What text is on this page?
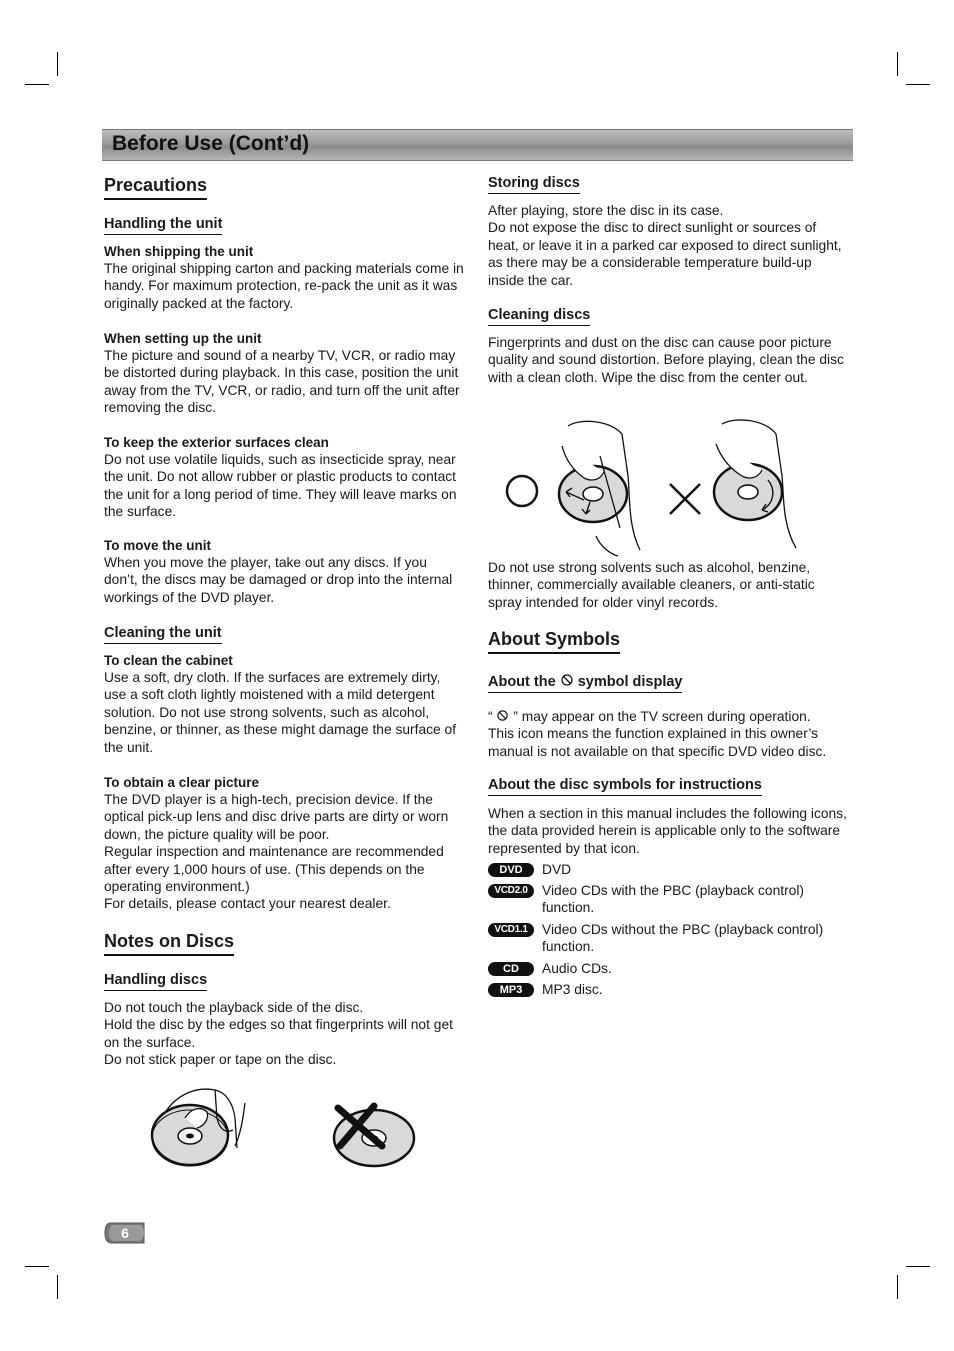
Before Use (Cont’d)
Precautions
Handling the unit
When shipping the unit

The original shipping carton and packing materials come in handy. For maximum protection, re-pack the unit as it was originally packed at the factory.

When setting up the unit

The picture and sound of a nearby TV, VCR, or radio may be distorted during playback. In this case, position the unit away from the TV, VCR, or radio, and turn off the unit after removing the disc.

To keep the exterior surfaces clean

Do not use volatile liquids, such as insecticide spray, near the unit. Do not allow rubber or plastic products to contact the unit for a long period of time. They will leave marks on the surface.

To move the unit

When you move the player, take out any discs. If you don’t, the discs may be damaged or drop into the internal workings of the DVD player.

Cleaning the unit
To clean the cabinet

Use a soft, dry cloth. If the surfaces are extremely dirty, use a soft cloth lightly moistened with a mild detergent solution. Do not use strong solvents, such as alcohol, benzine, or thinner, as these might damage the surface of the unit.

To obtain a clear picture

The DVD player is a high-tech, precision device. If the optical pick-up lens and disc drive parts are dirty or worn down, the picture quality will be poor.

Regular inspection and maintenance are recommended after every 1,000 hours of use. (This depends on the operating environment.)

For details, please contact your nearest dealer.

Notes on Discs
Handling discs

Do not touch the playback side of the disc.

Hold the disc by the edges so that fingerprints will not get on the surface.

Do not stick paper or tape on the disc.

Storing discs

After playing, store the disc in its case.

Do not expose the disc to direct sunlight or sources of heat, or leave it in a parked car exposed to direct sunlight, as there may be a considerable temperature build-up inside the car.

Cleaning discs

Fingerprints and dust on the disc can cause poor picture quality and sound distortion. Before playing, clean the disc with a clean cloth. Wipe the disc from the center out.

Do not use strong solvents such as alcohol, benzine, thinner, commercially available cleaners, or anti-static spray intended for older vinyl records.

About Symbols
About the symbol display

“ ” may appear on the TV screen during operation.

This icon means the function explained in this owner’s manual is not available on that specific DVD video disc.

About the disc symbols for instructions

When a section in this manual includes the following icons, the data provided herein is applicable only to the software represented by that icon.

DVD	DVD
VCD2.0	Video CDs with the PBC (playback control) function.
VCD1.1	Video CDs without the PBC (playback control) function.
CD	Audio CDs.
MP3	MP3 disc.
6
